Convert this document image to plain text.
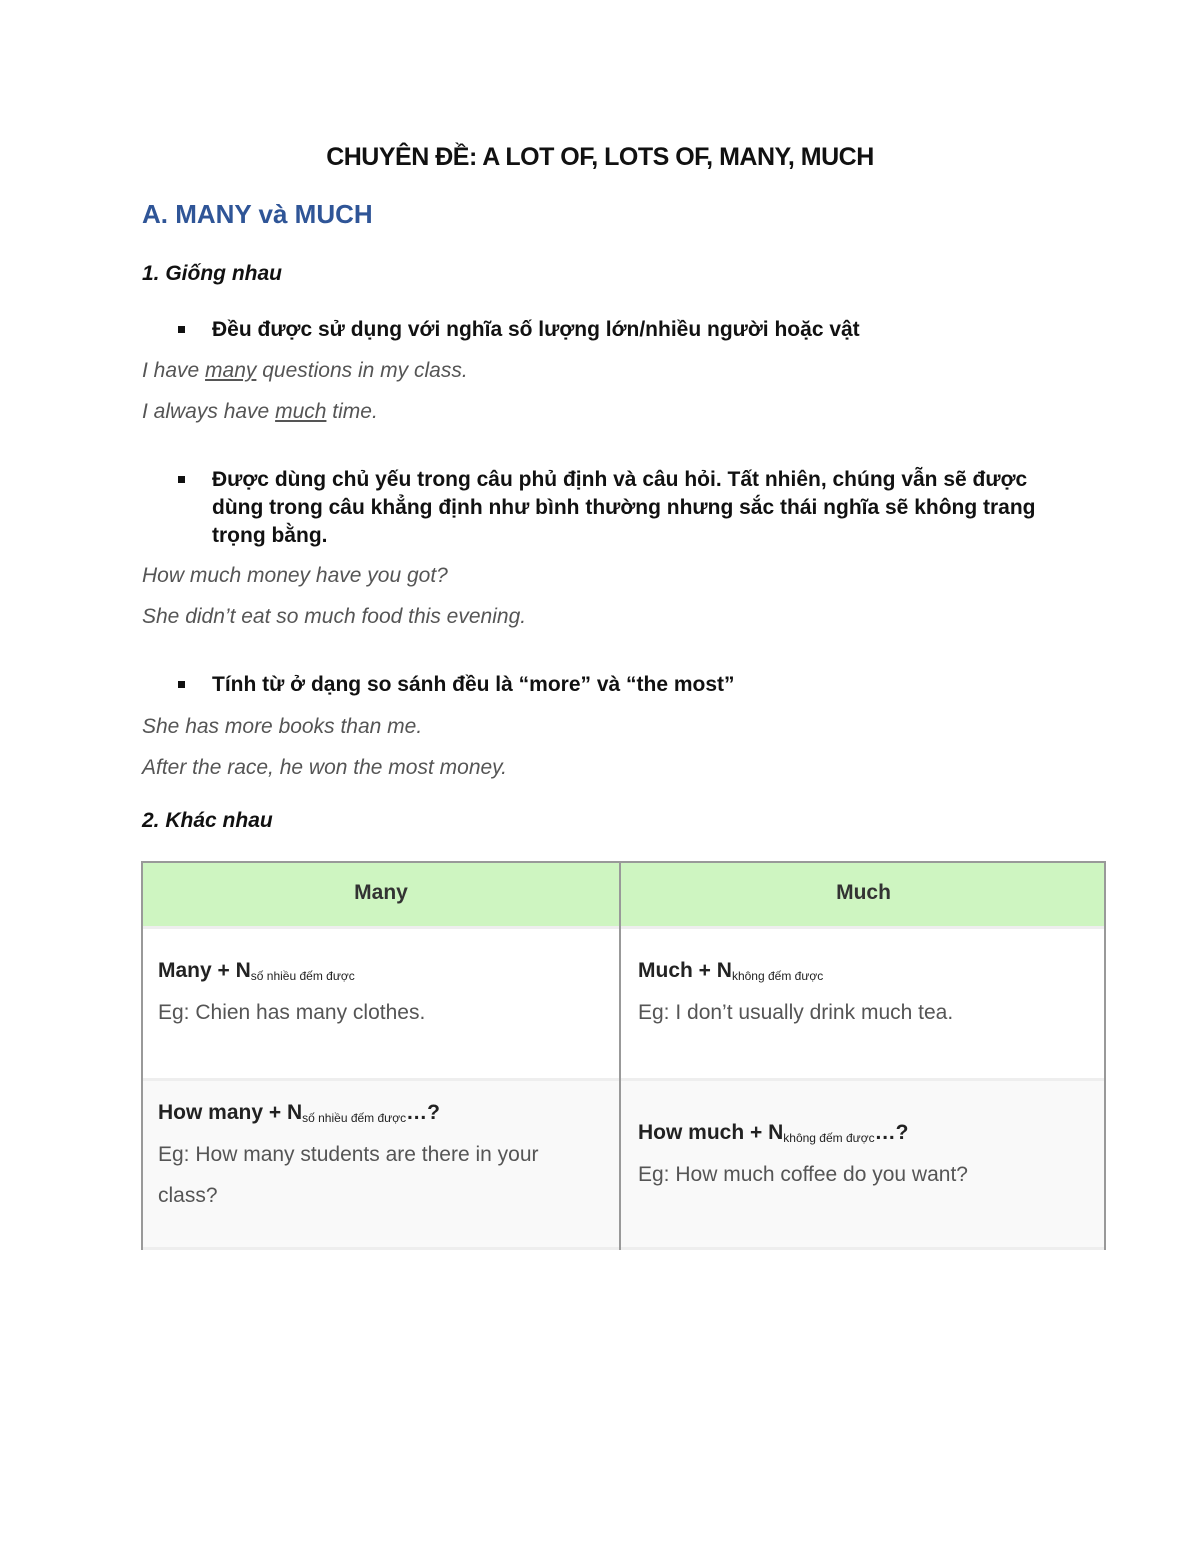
CHUYÊN ĐỀ: A LOT OF, LOTS OF, MANY, MUCH
A. MANY và MUCH
1. Giống nhau
Đều được sử dụng với nghĩa số lượng lớn/nhiều người hoặc vật
I have many questions in my class.
I always have much time.
Được dùng chủ yếu trong câu phủ định và câu hỏi. Tất nhiên, chúng vẫn sẽ được dùng trong câu khẳng định như bình thường nhưng sắc thái nghĩa sẽ không trang trọng bằng.
How much money have you got?
She didn’t eat so much food this evening.
Tính từ ở dạng so sánh đều là “more” và “the most”
She has more books than me.
After the race, he won the most money.
2. Khác nhau
Many	Much
Many + $N_{số nhiều đếm được}$
Eg: Chien has many clothes.
Much + $N_{không đếm được}$
Eg: I don’t usually drink much tea.
How many + $N_{số nhiều đếm được}\dots$?
Eg: How many students are there in your class?
How much + $N_{không đếm được}\dots$?
Eg: How much coffee do you want?
